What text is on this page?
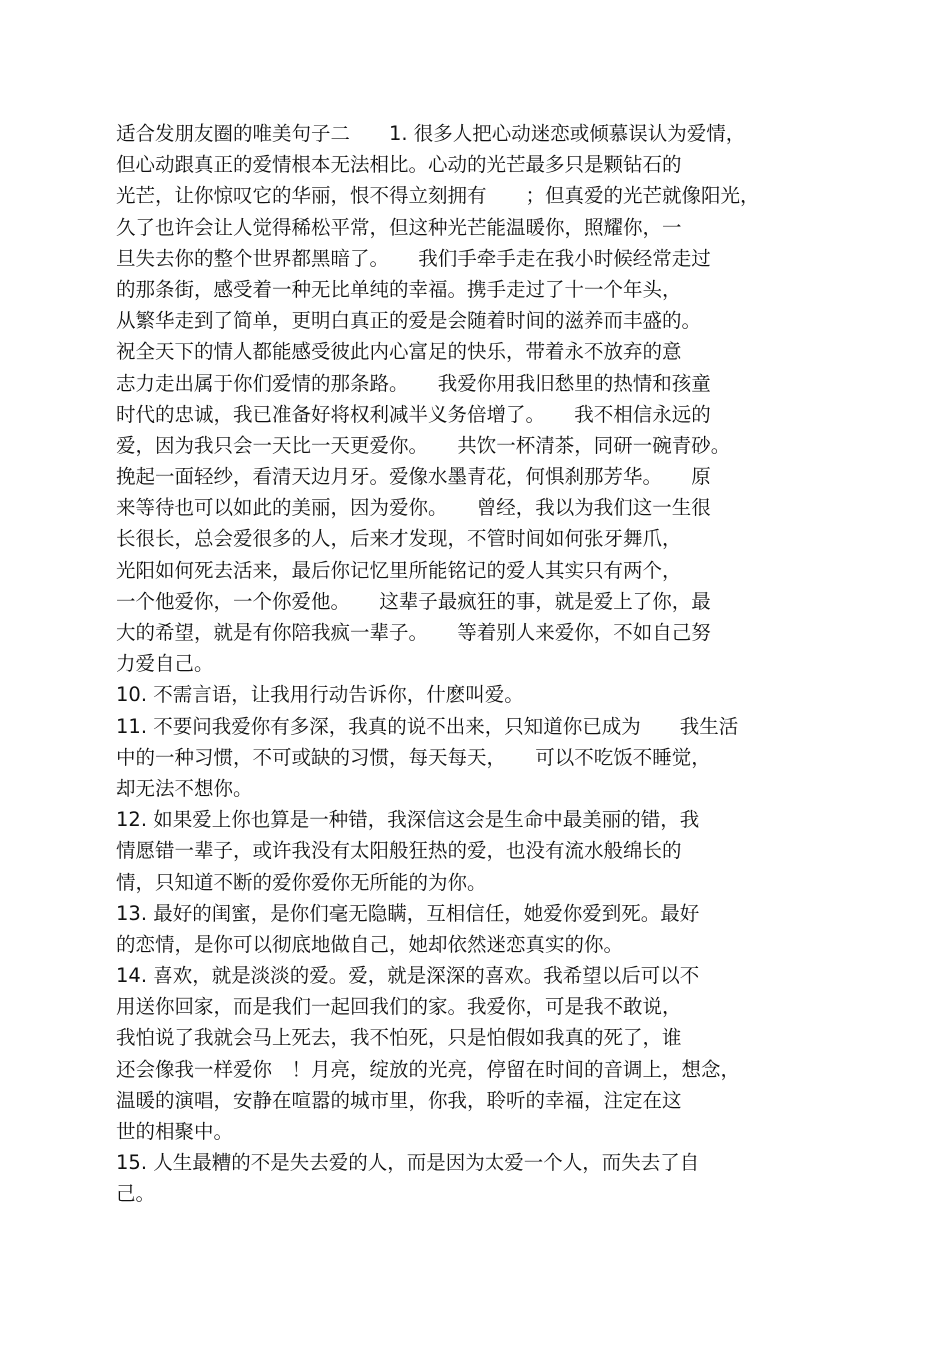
适合发朋友圈的唯美句子二　　1. 很多人把心动迷恋或倾慕误认为爱情，
但心动跟真正的爱情根本无法相比。心动的光芒最多只是颗钻石的
光芒，让你惊叹它的华丽，恨不得立刻拥有　　；但真爱的光芒就像阳光，
久了也许会让人觉得稀松平常，但这种光芒能温暖你，照耀你，一
旦失去你的整个世界都黑暗了。　　我们手牵手走在我小时候经常走过
的那条街，感受着一种无比单纯的幸福。携手走过了十一个年头，
从繁华走到了简单，更明白真正的爱是会随着时间的滋养而丰盛的。
祝全天下的情人都能感受彼此内心富足的快乐，带着永不放弃的意
志力走出属于你们爱情的那条路。　　我爱你用我旧愁里的热情和孩童
时代的忠诚，我已准备好将权利减半义务倍增了。　　我不相信永远的
爱，因为我只会一天比一天更爱你。　　共饮一杯清茶，同研一碗青砂。
挽起一面轻纱，看清天边月牙。爱像水墨青花，何惧刹那芳华。　　原
来等待也可以如此的美丽，因为爱你。　　曾经，我以为我们这一生很
长很长，总会爱很多的人，后来才发现，不管时间如何张牙舞爪，
光阳如何死去活来，最后你记忆里所能铭记的爱人其实只有两个，
一个他爱你，一个你爱他。　　这辈子最疯狂的事，就是爱上了你，最
大的希望，就是有你陪我疯一辈子。　　等着别人来爱你，不如自己努
力爱自己。
10. 不需言语，让我用行动告诉你，什麽叫爱。
11. 不要问我爱你有多深，我真的说不出来，只知道你已成为　　我生活
中的一种习惯，不可或缺的习惯，每天每天，　　可以不吃饭不睡觉，
却无法不想你。
12. 如果爱上你也算是一种错，我深信这会是生命中最美丽的错，我
情愿错一辈子，或许我没有太阳般狂热的爱，也没有流水般绵长的
情，只知道不断的爱你爱你无所能的为你。
13. 最好的闺蜜，是你们毫无隐瞒，互相信任，她爱你爱到死。最好
的恋情，是你可以彻底地做自己，她却依然迷恋真实的你。
14. 喜欢，就是淡淡的爱。爱，就是深深的喜欢。我希望以后可以不
用送你回家，而是我们一起回我们的家。我爱你，可是我不敢说，
我怕说了我就会马上死去，我不怕死，只是怕假如我真的死了，谁
还会像我一样爱你　！月亮，绽放的光亮，停留在时间的音调上，想念，
温暖的演唱，安静在喧嚣的城市里，你我，聆听的幸福，注定在这
世的相聚中。
15. 人生最糟的不是失去爱的人，而是因为太爱一个人，而失去了自
己。
